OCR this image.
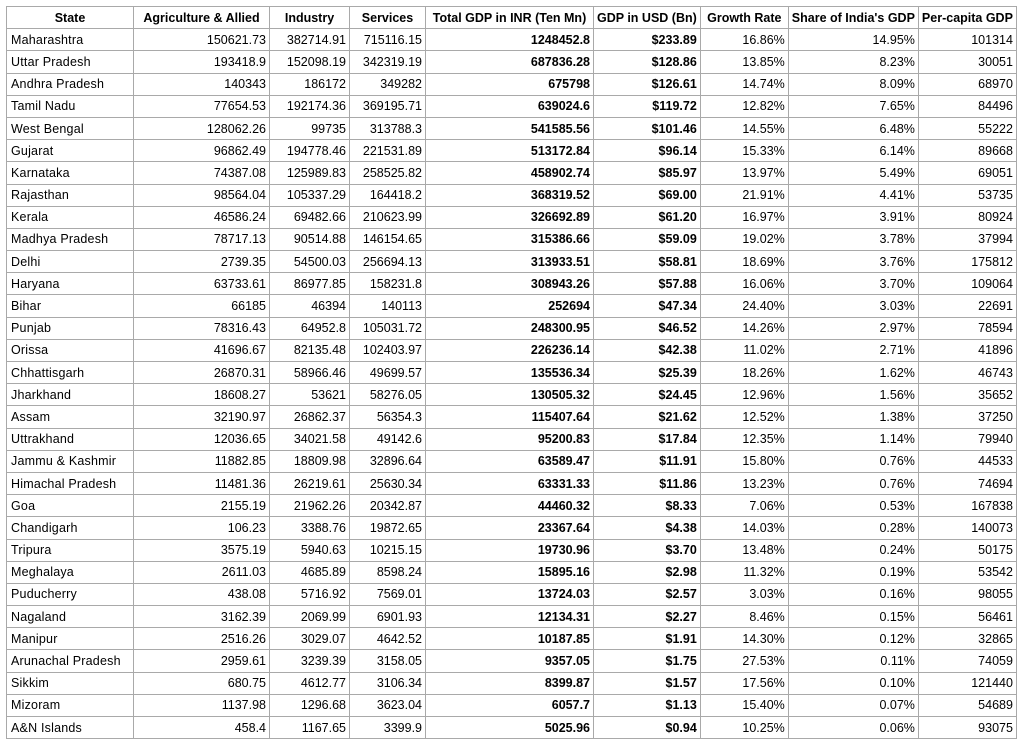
State	Agriculture & Allied	Industry	Services	Total GDP in INR (Ten Mn)	GDP in USD (Bn)	Growth Rate	Share of India's GDP	Per-capita GDP
Maharashtra	150621.73	382714.91	715116.15	1248452.8	$233.89	16.86%	14.95%	101314
Uttar Pradesh	193418.9	152098.19	342319.19	687836.28	$128.86	13.85%	8.23%	30051
Andhra Pradesh	140343	186172	349282	675798	$126.61	14.74%	8.09%	68970
Tamil Nadu	77654.53	192174.36	369195.71	639024.6	$119.72	12.82%	7.65%	84496
West Bengal	128062.26	99735	313788.3	541585.56	$101.46	14.55%	6.48%	55222
Gujarat	96862.49	194778.46	221531.89	513172.84	$96.14	15.33%	6.14%	89668
Karnataka	74387.08	125989.83	258525.82	458902.74	$85.97	13.97%	5.49%	69051
Rajasthan	98564.04	105337.29	164418.2	368319.52	$69.00	21.91%	4.41%	53735
Kerala	46586.24	69482.66	210623.99	326692.89	$61.20	16.97%	3.91%	80924
Madhya Pradesh	78717.13	90514.88	146154.65	315386.66	$59.09	19.02%	3.78%	37994
Delhi	2739.35	54500.03	256694.13	313933.51	$58.81	18.69%	3.76%	175812
Haryana	63733.61	86977.85	158231.8	308943.26	$57.88	16.06%	3.70%	109064
Bihar	66185	46394	140113	252694	$47.34	24.40%	3.03%	22691
Punjab	78316.43	64952.8	105031.72	248300.95	$46.52	14.26%	2.97%	78594
Orissa	41696.67	82135.48	102403.97	226236.14	$42.38	11.02%	2.71%	41896
Chhattisgarh	26870.31	58966.46	49699.57	135536.34	$25.39	18.26%	1.62%	46743
Jharkhand	18608.27	53621	58276.05	130505.32	$24.45	12.96%	1.56%	35652
Assam	32190.97	26862.37	56354.3	115407.64	$21.62	12.52%	1.38%	37250
Uttrakhand	12036.65	34021.58	49142.6	95200.83	$17.84	12.35%	1.14%	79940
Jammu & Kashmir	11882.85	18809.98	32896.64	63589.47	$11.91	15.80%	0.76%	44533
Himachal Pradesh	11481.36	26219.61	25630.34	63331.33	$11.86	13.23%	0.76%	74694
Goa	2155.19	21962.26	20342.87	44460.32	$8.33	7.06%	0.53%	167838
Chandigarh	106.23	3388.76	19872.65	23367.64	$4.38	14.03%	0.28%	140073
Tripura	3575.19	5940.63	10215.15	19730.96	$3.70	13.48%	0.24%	50175
Meghalaya	2611.03	4685.89	8598.24	15895.16	$2.98	11.32%	0.19%	53542
Puducherry	438.08	5716.92	7569.01	13724.03	$2.57	3.03%	0.16%	98055
Nagaland	3162.39	2069.99	6901.93	12134.31	$2.27	8.46%	0.15%	56461
Manipur	2516.26	3029.07	4642.52	10187.85	$1.91	14.30%	0.12%	32865
Arunachal Pradesh	2959.61	3239.39	3158.05	9357.05	$1.75	27.53%	0.11%	74059
Sikkim	680.75	4612.77	3106.34	8399.87	$1.57	17.56%	0.10%	121440
Mizoram	1137.98	1296.68	3623.04	6057.7	$1.13	15.40%	0.07%	54689
A&N Islands	458.4	1167.65	3399.9	5025.96	$0.94	10.25%	0.06%	93075
